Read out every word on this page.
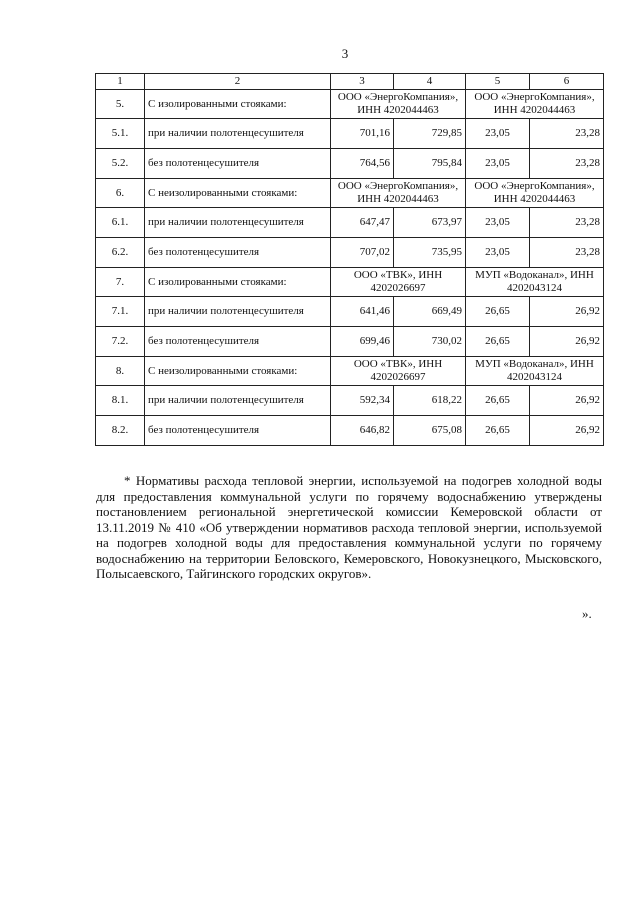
3
1	2	3	4	5	6
5.	С изолированными стояками:	ООО «ЭнергоКомпания», ИНН 4202044463		ООО «ЭнергоКомпания», ИНН 4202044463	
5.1.	при наличии полотенцесушителя	701,16	729,85	23,05	23,28
5.2.	без полотенцесушителя	764,56	795,84	23,05	23,28
6.	С неизолированными стояками:	ООО «ЭнергоКомпания», ИНН 4202044463		ООО «ЭнергоКомпания», ИНН 4202044463	
6.1.	при наличии полотенцесушителя	647,47	673,97	23,05	23,28
6.2.	без полотенцесушителя	707,02	735,95	23,05	23,28
7.	С изолированными стояками:	ООО «ТВК», ИНН 4202026697		МУП «Водоканал», ИНН 4202043124	
7.1.	при наличии полотенцесушителя	641,46	669,49	26,65	26,92
7.2.	без полотенцесушителя	699,46	730,02	26,65	26,92
8.	С неизолированными стояками:	ООО «ТВК», ИНН 4202026697		МУП «Водоканал», ИНН 4202043124	
8.1.	при наличии полотенцесушителя	592,34	618,22	26,65	26,92
8.2.	без полотенцесушителя	646,82	675,08	26,65	26,92

* Нормативы расхода тепловой энергии, используемой на подогрев холодной воды для предоставления коммунальной услуги по горячему водоснабжению утверждены постановлением региональной энергетической комиссии Кемеровской области от 13.11.2019 № 410 «Об утверждении нормативов расхода тепловой энергии, используемой на подогрев холодной воды для предоставления коммунальной услуги по горячему водоснабжению на территории Беловского, Кемеровского, Новокузнецкого, Мысковского, Полысаевского, Тайгинского городских округов».

».
